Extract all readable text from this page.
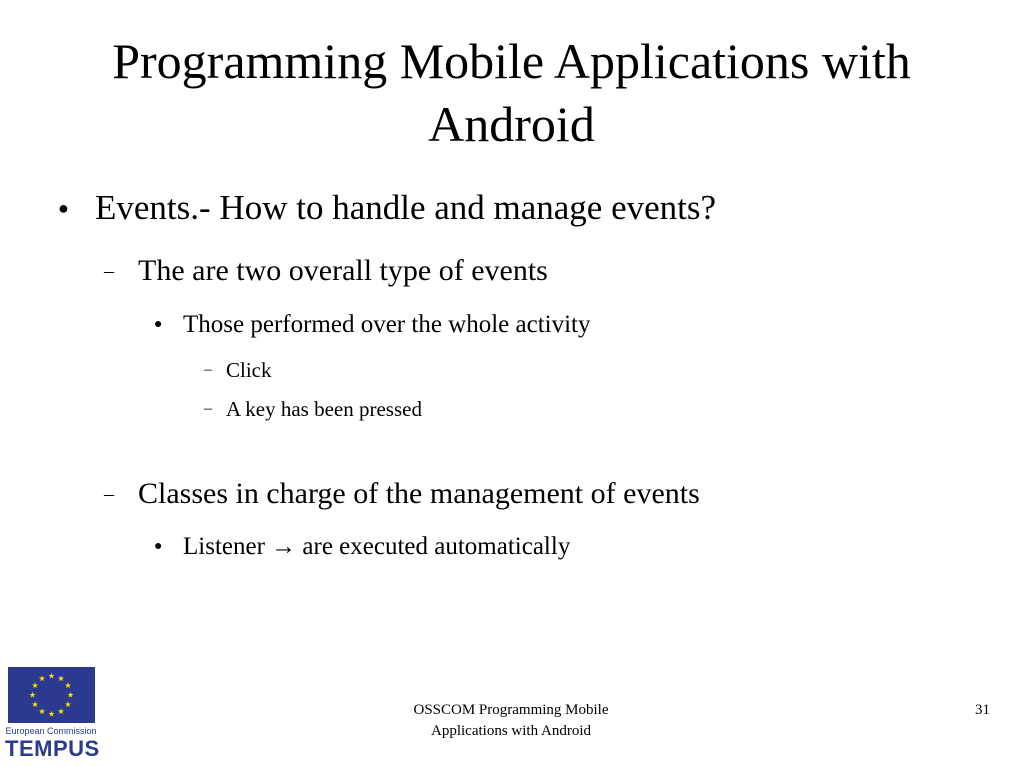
Programming Mobile Applications with Android
● Events.- How to handle and manage events?
– The are two overall type of events
● Those performed over the whole activity
– Click
– A key has been pressed
– Classes in charge of the management of events
● Listener → are executed automatically
European Commission
TEMPUS
OSSCOM Programming Mobile
Applications with Android
31
